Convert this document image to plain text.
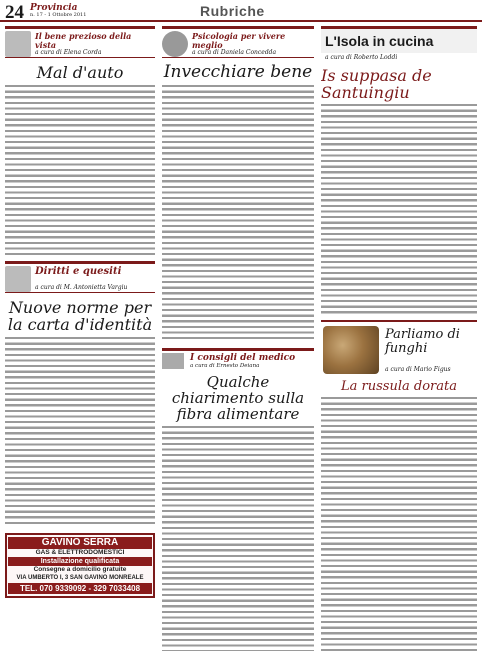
24 Provincia
n. 17 - 1 Ottobre 2011	Rubriche
Il bene prezioso della vista
a cura di Elena Corda
Mal d'auto
Diritti e quesiti
a cura di M. Antonietta Vargiu
Nuove norme per la carta d'identità
GAVINO SERRA
GAS & ELETTRODOMESTICI
Installazione qualificata
Consegne a domicilio gratuite
VIA UMBERTO I, 3 SAN GAVINO MONREALE
TEL. 070 9339092 - 329 7033408
Psicologia per vivere meglio
a cura di Daniela Concedda
Invecchiare bene
I consigli del medico
a cura di Ernesto Deiana
Qualche chiarimento sulla fibra alimentare
L'Isola in cucina
a cura di Roberto Loddi
Is suppasa de Santuingiu
Parliamo di funghi
a cura di Mario Figus
La russula dorata
